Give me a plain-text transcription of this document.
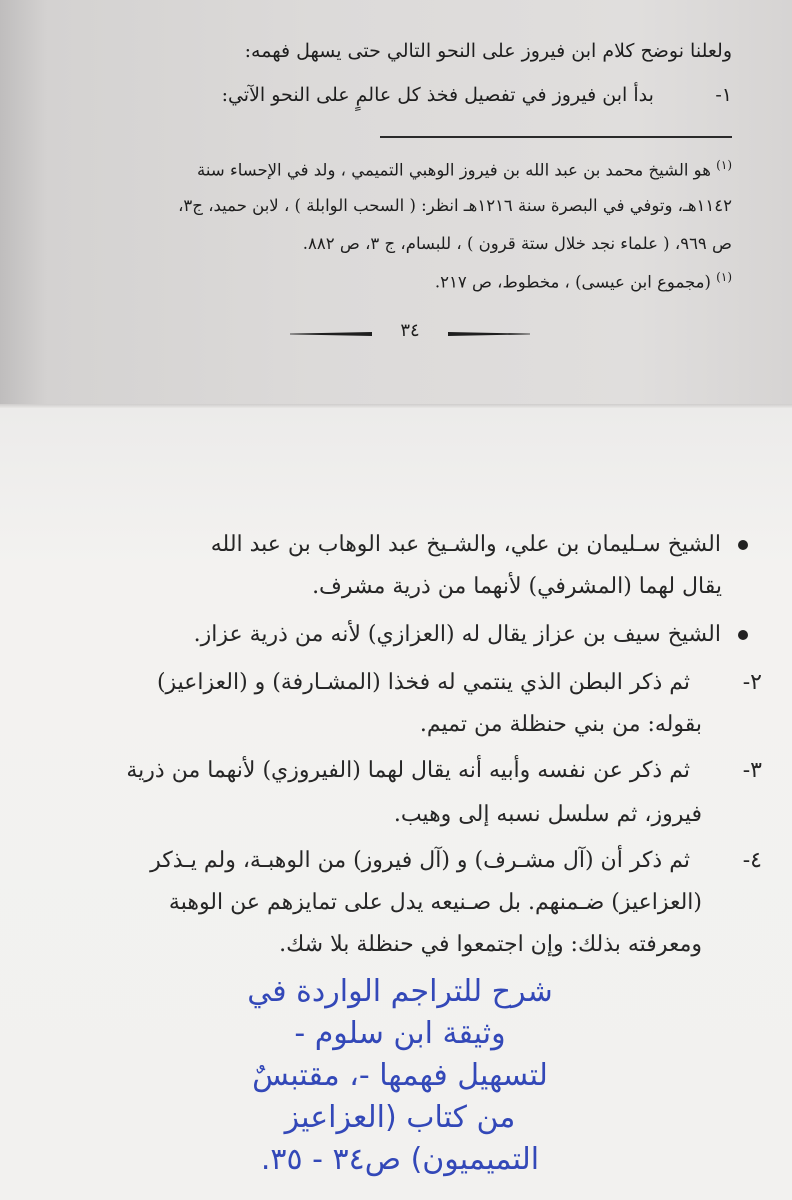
ولعلنا نوضح كلام ابن فيروز على النحو التالي حتى يسهل فهمه:

١-  بدأ ابن فيروز في تفصيل فخذ كل عالمٍ على النحو الآتي:

$^{(١)}$ هو الشيخ محمد بن عبد الله بن فيروز الوهبي التميمي ، ولد في الإحساء سنة

١١٤٢هـ، وتوفي في البصرة سنة ١٢١٦هـ انظر: ( السحب الوابلة ) ، لابن حميد، ج٣،

ص ٩٦٩، ( علماء نجد خلال ستة قرون ) ، للبسام، ج ٣، ص ٨٨٢.

$^{(١)}$ (مجموع ابن عيسى) ، مخطوط، ص ٢١٧.

٣٤

الشيخ سـليمان بن علي، والشـيخ عبد الوهاب بن عبد الله

يقال لهما (المشرفي) لأنهما من ذرية مشرف.

الشيخ سيف بن عزاز يقال له (العزازي) لأنه من ذرية عزاز.

٢-  ثم ذكر البطن الذي ينتمي له فخذا (المشـارفة) و (العزاعيز)

بقوله: من بني حنظلة من تميم.

٣-  ثم ذكر عن نفسه وأبيه أنه يقال لهما (الفيروزي) لأنهما من ذرية

فيروز، ثم سلسل نسبه إلى وهيب.

٤-  ثم ذكر أن (آل مشـرف) و (آل فيروز) من الوهبـة، ولم يـذكر

(العزاعيز) ضـمنهم. بل صـنيعه يدل على تمايزهم عن الوهبة

ومعرفته بذلك: وإن اجتمعوا في حنظلة بلا شك.

شرح للتراجم الواردة في
وثيقة ابن سلوم -
لتسهيل فهمها -، مقتبسٌ
من كتاب (العزاعيز
التميميون) ص٣٤ - ٣٥.
